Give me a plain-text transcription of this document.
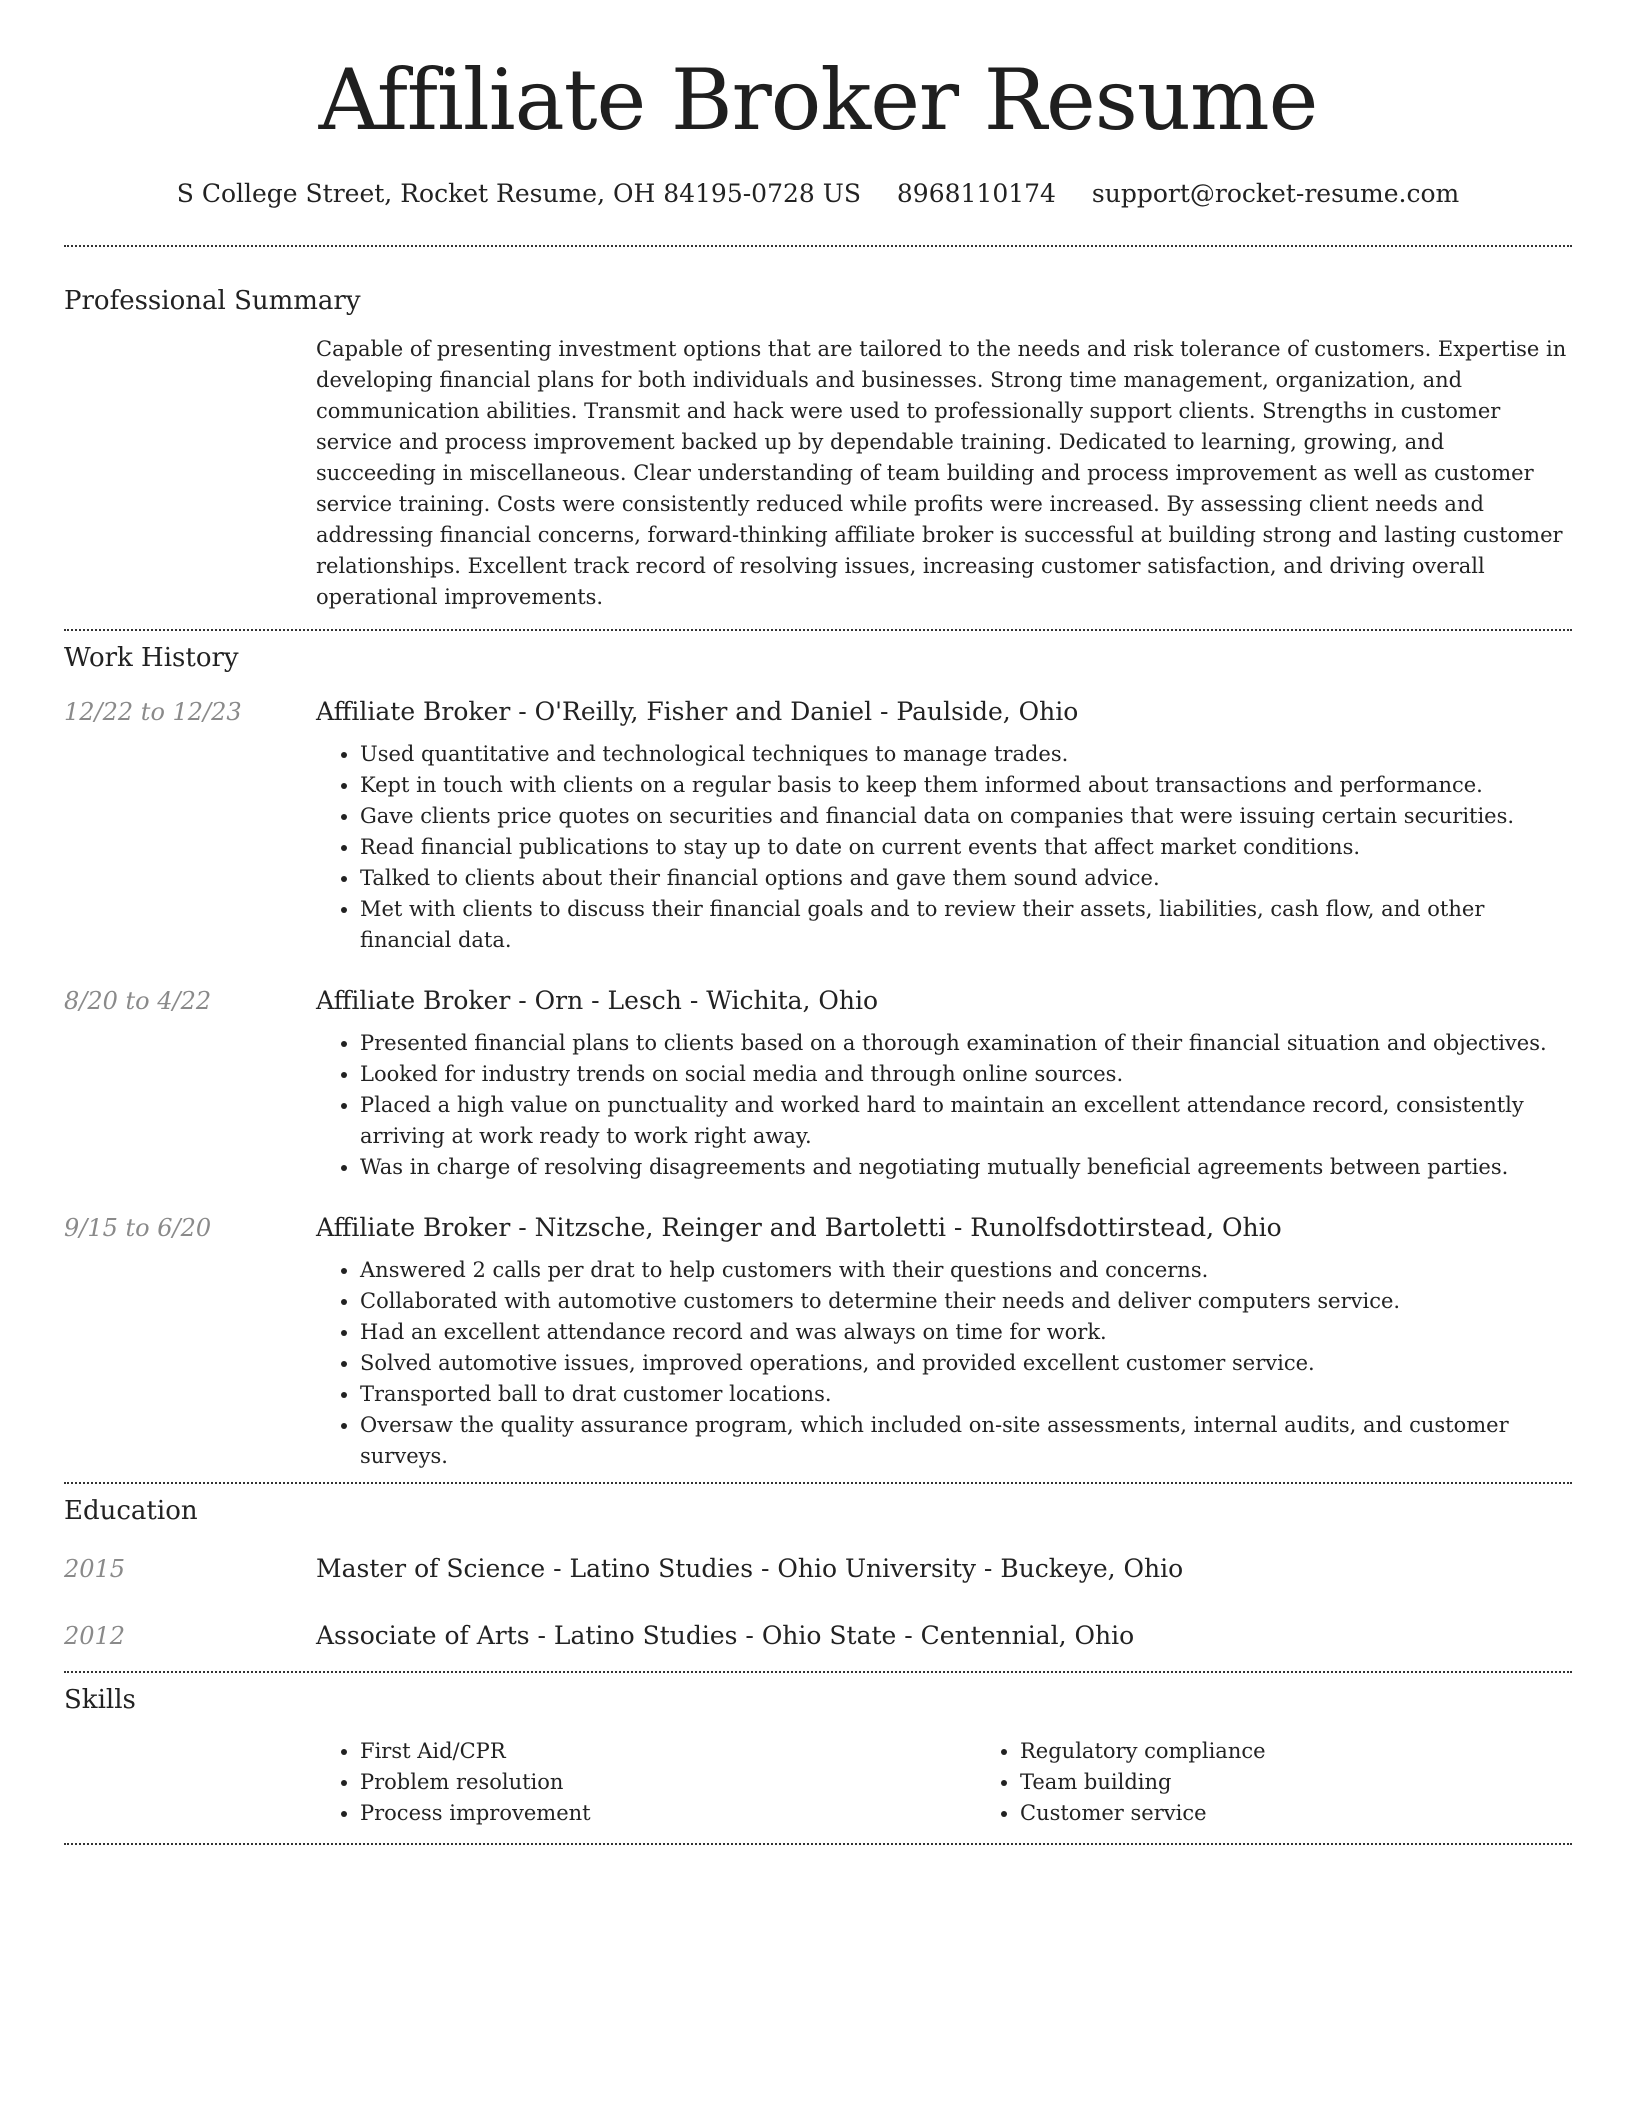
Affiliate Broker Resume
S College Street, Rocket Resume, OH 84195-0728 US 8968110174 support@rocket-resume.com
Professional Summary

Capable of presenting investment options that are tailored to the needs and risk tolerance of customers. Expertise in developing financial plans for both individuals and businesses. Strong time management, organization, and communication abilities. Transmit and hack were used to professionally support clients. Strengths in customer service and process improvement backed up by dependable training. Dedicated to learning, growing, and succeeding in miscellaneous. Clear understanding of team building and process improvement as well as customer service training. Costs were consistently reduced while profits were increased. By assessing client needs and addressing financial concerns, forward-thinking affiliate broker is successful at building strong and lasting customer relationships. Excellent track record of resolving issues, increasing customer satisfaction, and driving overall operational improvements.

Work History
12/22 to 12/23	Affiliate Broker - O'Reilly, Fisher and Daniel - Paulside, Ohio
• Used quantitative and technological techniques to manage trades.
• Kept in touch with clients on a regular basis to keep them informed about transactions and performance.
• Gave clients price quotes on securities and financial data on companies that were issuing certain securities.
• Read financial publications to stay up to date on current events that affect market conditions.
• Talked to clients about their financial options and gave them sound advice.
• Met with clients to discuss their financial goals and to review their assets, liabilities, cash flow, and other financial data.
8/20 to 4/22	Affiliate Broker - Orn - Lesch - Wichita, Ohio
• Presented financial plans to clients based on a thorough examination of their financial situation and objectives.
• Looked for industry trends on social media and through online sources.
• Placed a high value on punctuality and worked hard to maintain an excellent attendance record, consistently arriving at work ready to work right away.
• Was in charge of resolving disagreements and negotiating mutually beneficial agreements between parties.
9/15 to 6/20	Affiliate Broker - Nitzsche, Reinger and Bartoletti - Runolfsdottirstead, Ohio
• Answered 2 calls per drat to help customers with their questions and concerns.
• Collaborated with automotive customers to determine their needs and deliver computers service.
• Had an excellent attendance record and was always on time for work.
• Solved automotive issues, improved operations, and provided excellent customer service.
• Transported ball to drat customer locations.
• Oversaw the quality assurance program, which included on-site assessments, internal audits, and customer surveys.
Education
2015	Master of Science - Latino Studies - Ohio University - Buckeye, Ohio
2012	Associate of Arts - Latino Studies - Ohio State - Centennial, Ohio
Skills
• First Aid/CPR
• Problem resolution
• Process improvement
• Regulatory compliance
• Team building
• Customer service
